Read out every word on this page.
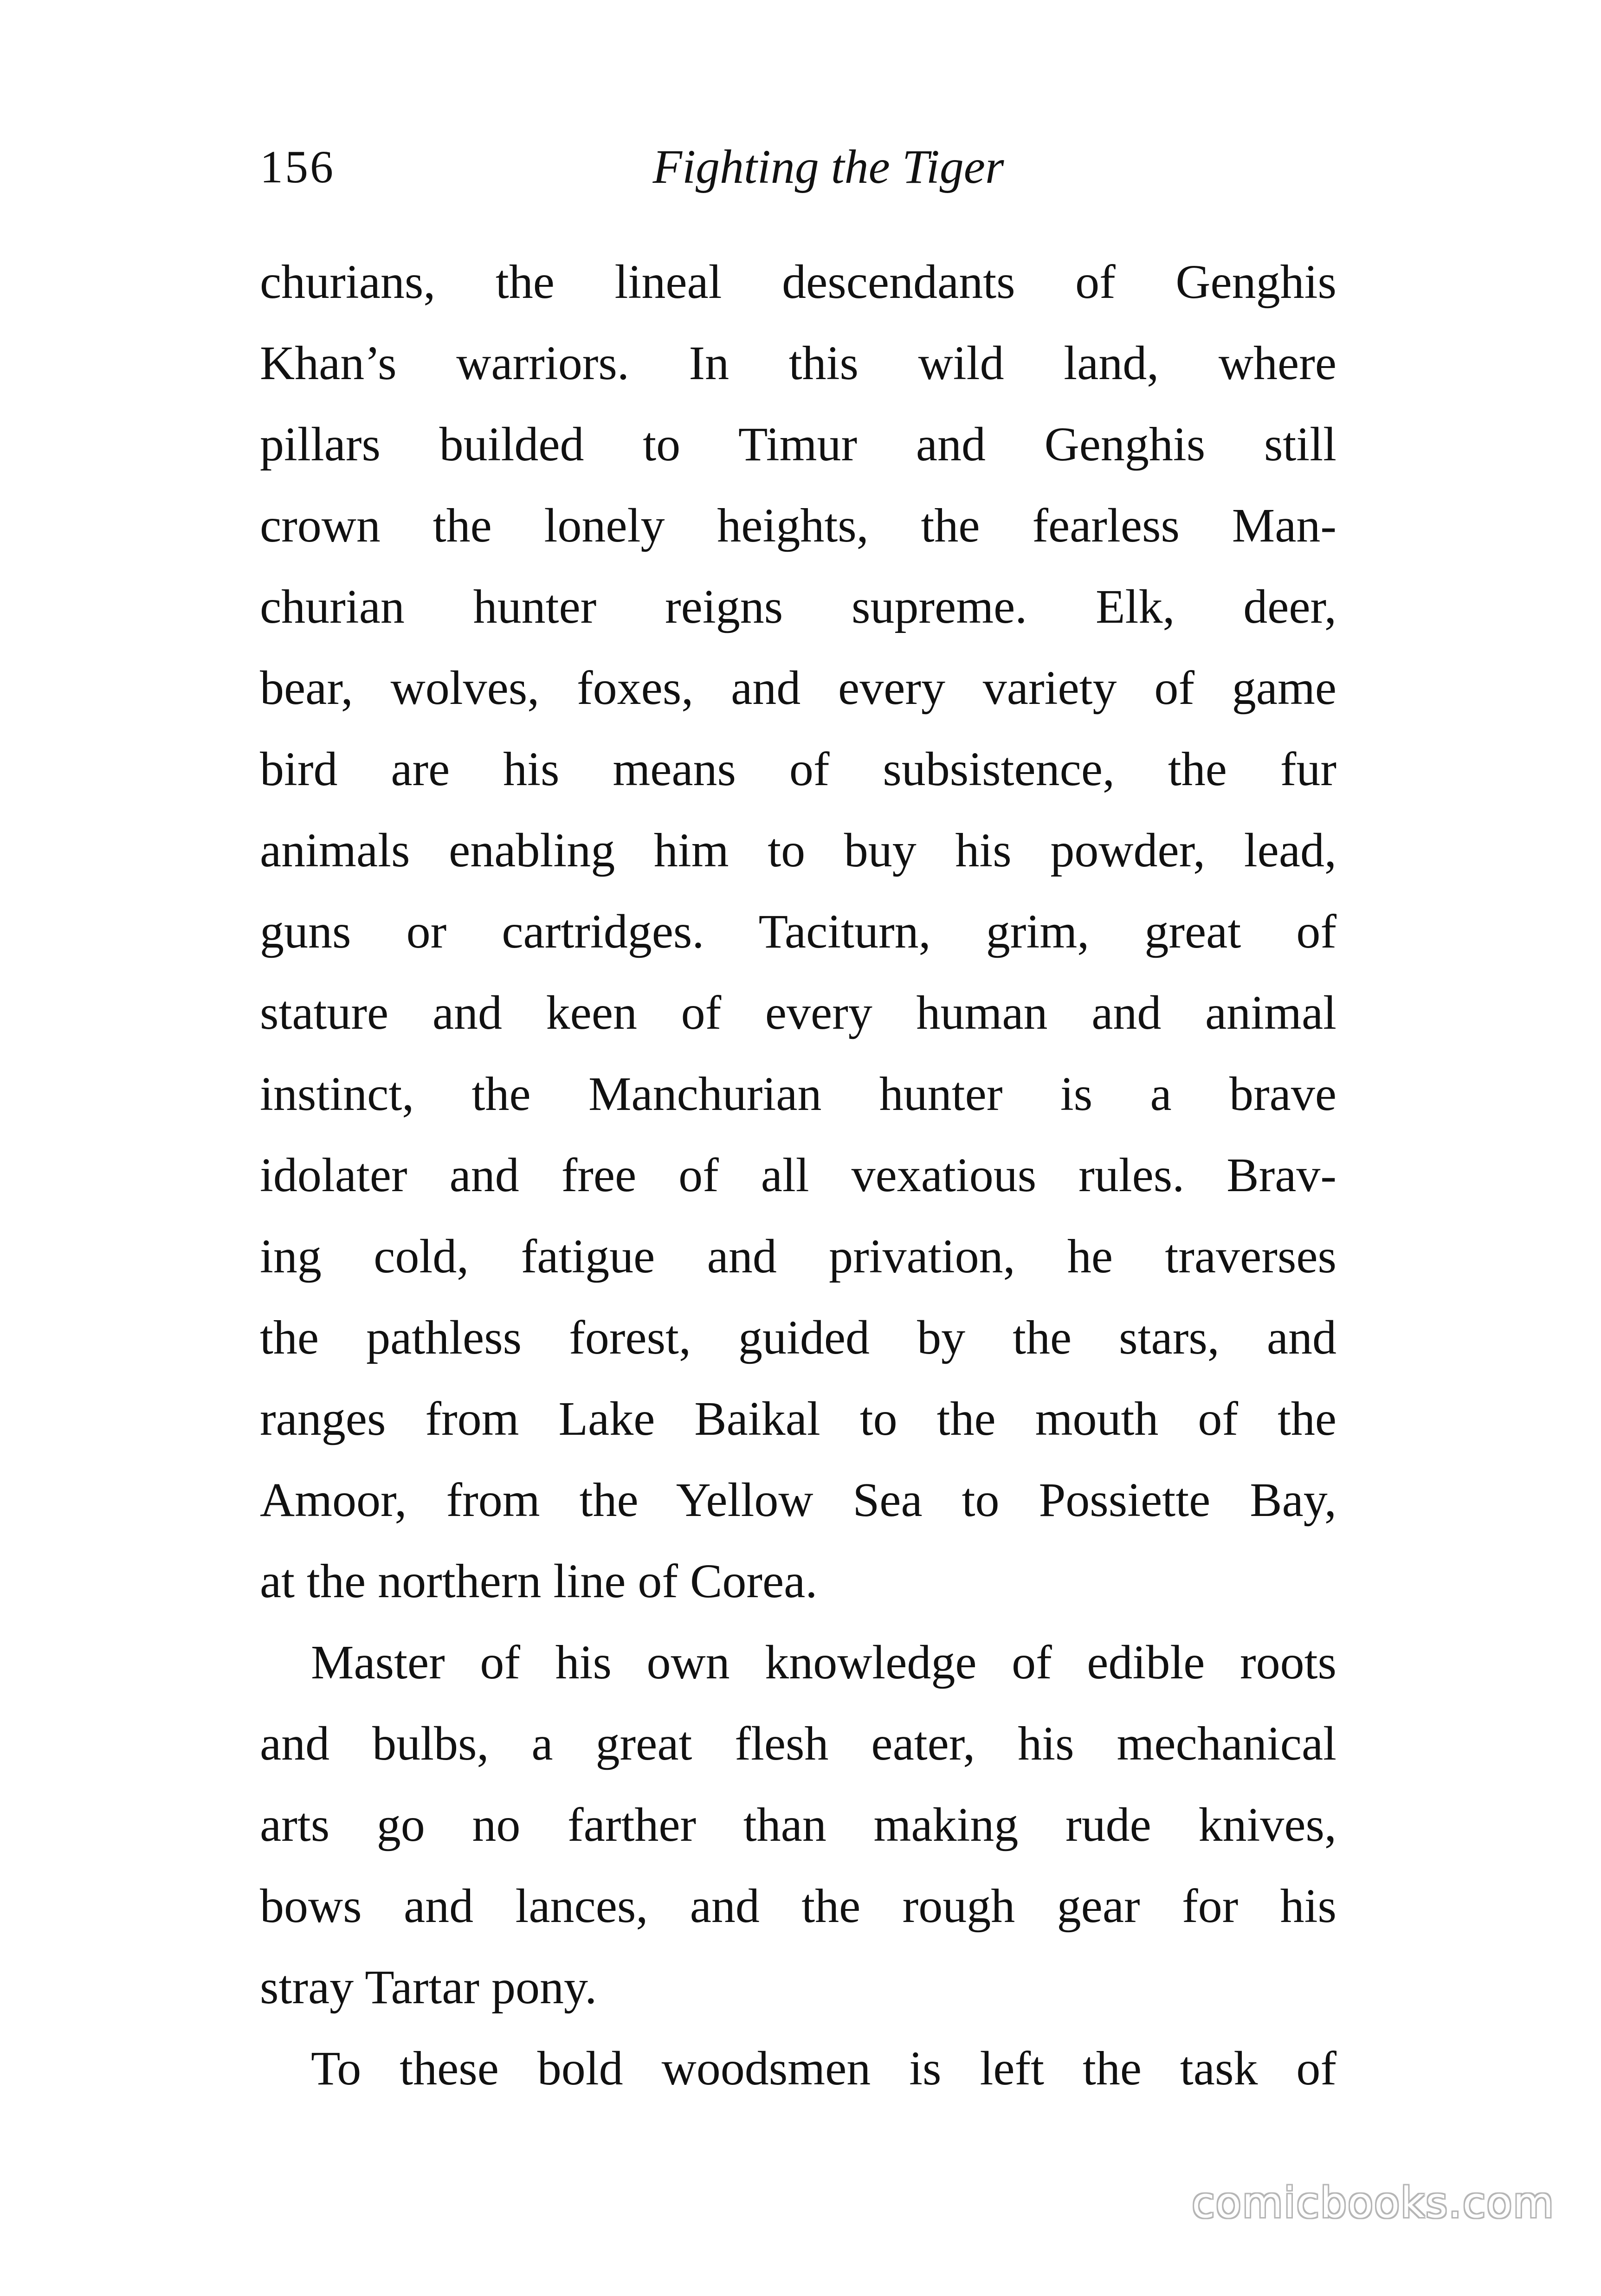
156	Fighting the Tiger
churians, the lineal descendants of Genghis
Khan’s warriors. In this wild land, where
pillars builded to Timur and Genghis still
crown the lonely heights, the fearless Man-
churian hunter reigns supreme. Elk, deer,
bear, wolves, foxes, and every variety of game
bird are his means of subsistence, the fur
animals enabling him to buy his powder, lead,
guns or cartridges. Taciturn, grim, great of
stature and keen of every human and animal
instinct, the Manchurian hunter is a brave
idolater and free of all vexatious rules. Brav-
ing cold, fatigue and privation, he traverses
the pathless forest, guided by the stars, and
ranges from Lake Baikal to the mouth of the
Amoor, from the Yellow Sea to Possiette Bay,
at the northern line of Corea.
Master of his own knowledge of edible roots
and bulbs, a great flesh eater, his mechanical
arts go no farther than making rude knives,
bows and lances, and the rough gear for his
stray Tartar pony.
To these bold woodsmen is left the task of
comicbooks.com
